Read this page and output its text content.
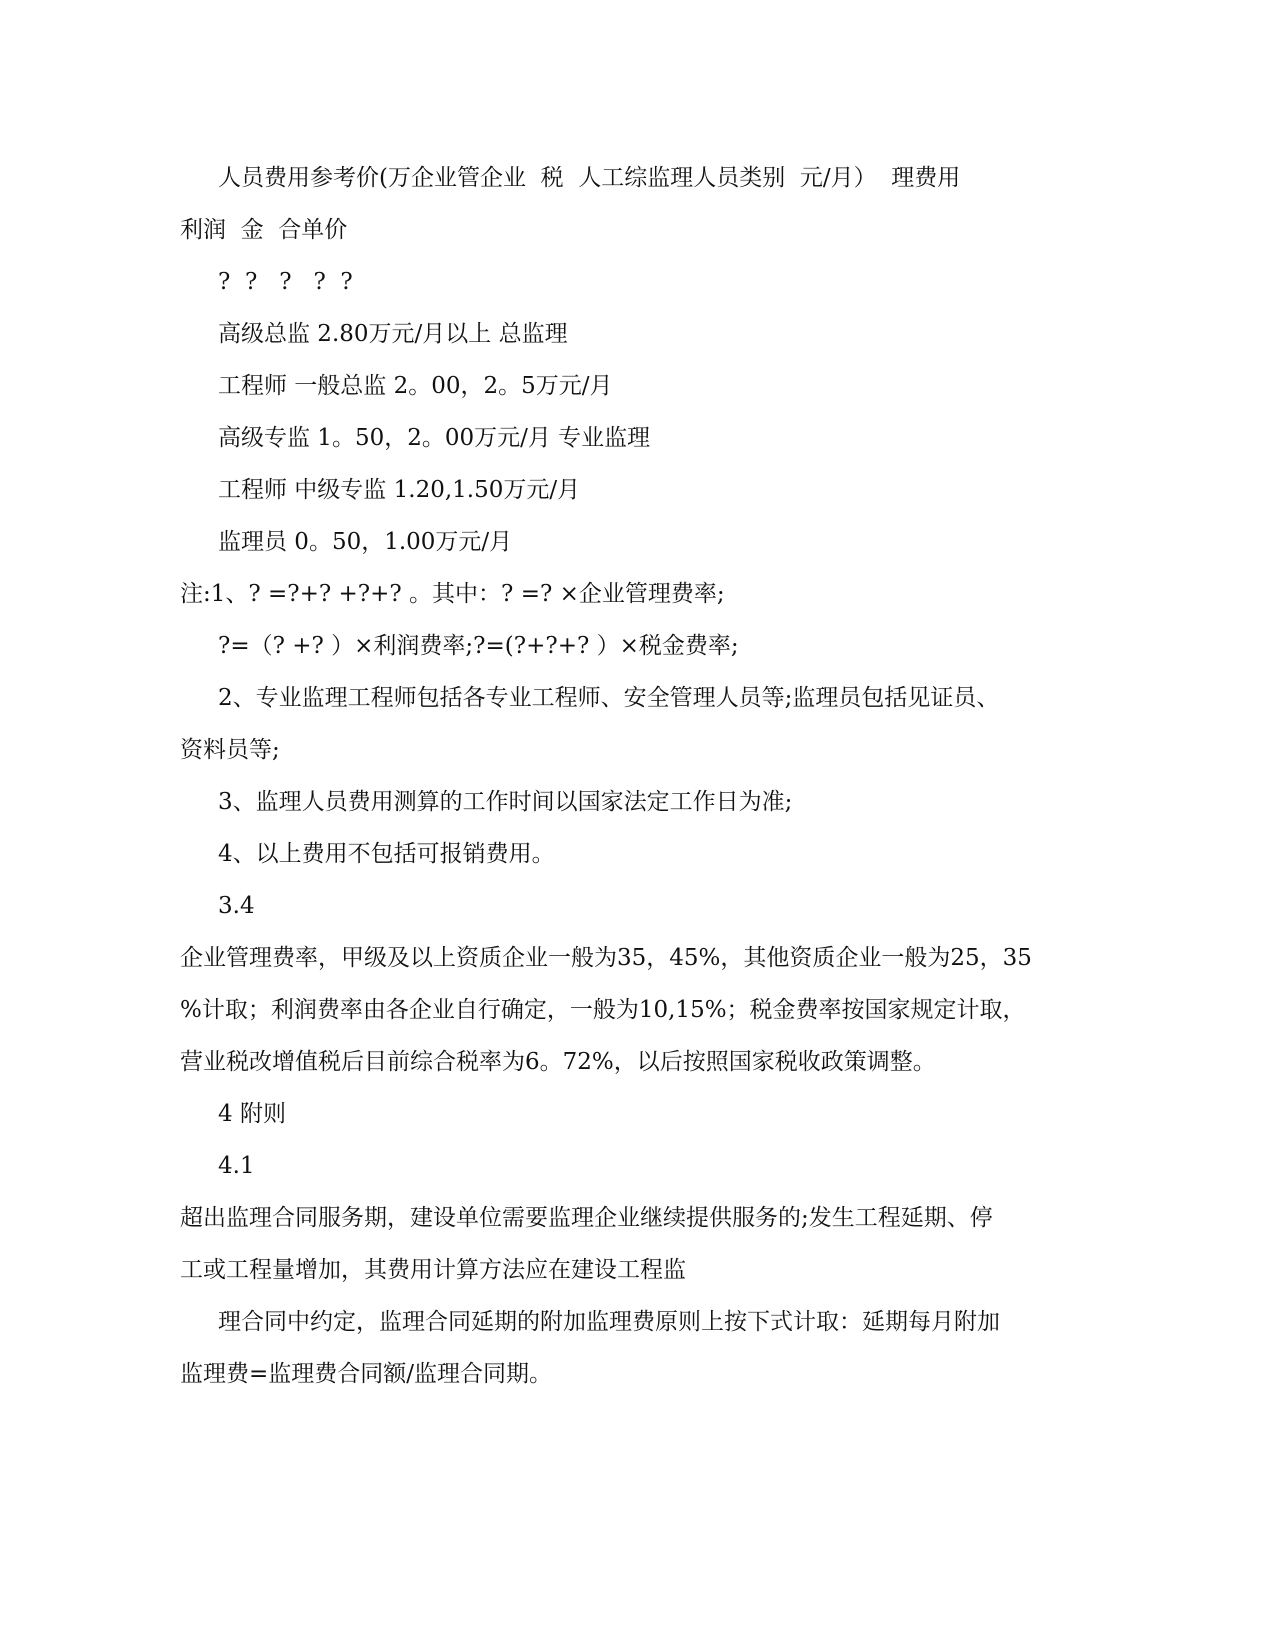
人员费用参考价(万企业管企业  税  人工综监理人员类别  元/月）  理费用
利润  金  合单价
?  ?   ?   ?  ?
高级总监 2.80万元/月以上 总监理
工程师 一般总监 2。00，2。5万元/月
高级专监 1。50，2。00万元/月 专业监理
工程师 中级专监 1.20,1.50万元/月
监理员 0。50，1.00万元/月
注:1、? =?+? +?+? 。其中：? =? ×企业管理费率;
?=（? +? ）×利润费率;?=(?+?+? ）×税金费率;
2、专业监理工程师包括各专业工程师、安全管理人员等;监理员包括见证员、
资料员等;
3、监理人员费用测算的工作时间以国家法定工作日为准;
4、以上费用不包括可报销费用。
3.4
企业管理费率，甲级及以上资质企业一般为35，45%，其他资质企业一般为25，35
%计取；利润费率由各企业自行确定，一般为10,15%；税金费率按国家规定计取，
营业税改增值税后目前综合税率为6。72%，以后按照国家税收政策调整。
4 附则
4.1
超出监理合同服务期，建设单位需要监理企业继续提供服务的;发生工程延期、停
工或工程量增加，其费用计算方法应在建设工程监
理合同中约定，监理合同延期的附加监理费原则上按下式计取：延期每月附加
监理费=监理费合同额/监理合同期。
